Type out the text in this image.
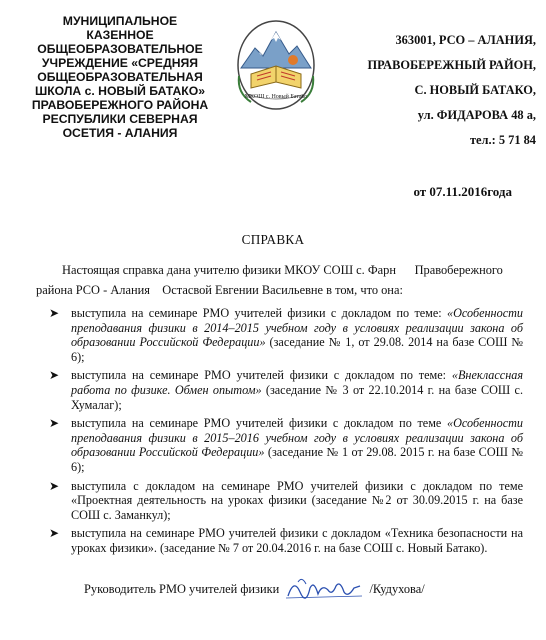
МУНИЦИПАЛЬНОЕ
КАЗЕННОЕ
ОБЩЕОБРАЗОВАТЕЛЬНОЕ
УЧРЕЖДЕНИЕ «СРЕДНЯЯ
ОБЩЕОБРАЗОВАТЕЛЬНАЯ
ШКОЛА с. НОВЫЙ БАТАКО»
ПРАВОБЕРЕЖНОГО РАЙОНА
РЕСПУБЛИКИ СЕВЕРНАЯ
ОСЕТИЯ - АЛАНИЯ
МКОШ с. Новый Батако
363001, РСО – АЛАНИЯ,
ПРАВОБЕРЕЖНЫЙ РАЙОН,
С. НОВЫЙ БАТАКО,
ул. ФИДАРОВА 48 а,
тел.: 5 71 84
от 07.11.2016года
СПРАВКА
Настоящая справка дана учителю физики МКОУ СОШ с. Фарн      Правобережного
района РСО - Алания    Остасвой Евгении Васильевне в том, что она:
➤ выступила на семинаре РМО учителей физики с докладом по теме: «Особенности преподавания физики в 2014–2015 учебном году в условиях реализации закона об образовании Российской Федерации» (заседание № 1, от 29.08. 2014 на базе СОШ № 6);
➤ выступила на семинаре РМО учителей физики с докладом по теме: «Внеклассная работа по физике. Обмен опытом» (заседание № 3 от 22.10.2014 г. на базе СОШ с. Хумалаг);
➤ выступила на семинаре РМО учителей физики с докладом по теме «Особенности преподавания физики в 2015–2016 учебном году в условиях реализации закона об образовании Российской Федерации» (заседание № 1 от 29.08. 2015 г. на базе СОШ № 6);
➤ выступила с докладом на семинаре РМО учителей физики с докладом по теме «Проектная деятельность на уроках физики (заседание №2 от 30.09.2015 г. на базе СОШ с. Заманкул);
➤ выступила на семинаре РМО учителей физики с докладом «Техника безопасности на уроках физики». (заседание № 7 от 20.04.2016 г. на базе СОШ с. Новый Батако).
Руководитель РМО учителей физики	/Кудухова/
